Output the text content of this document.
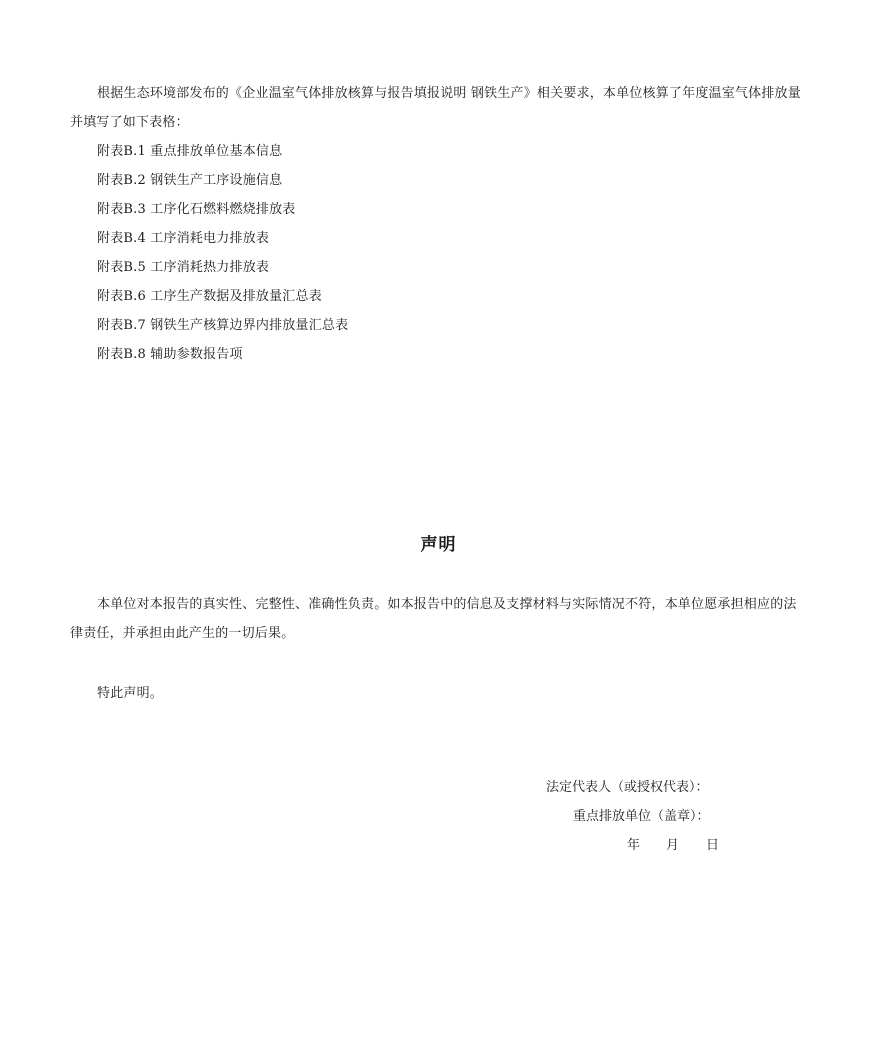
根据生态环境部发布的《企业温室气体排放核算与报告填报说明 钢铁生产》相关要求，本单位核算了年度温室气体排放量
并填写了如下表格：
附表B.1 重点排放单位基本信息
附表B.2 钢铁生产工序设施信息
附表B.3 工序化石燃料燃烧排放表
附表B.4 工序消耗电力排放表
附表B.5 工序消耗热力排放表
附表B.6 工序生产数据及排放量汇总表
附表B.7 钢铁生产核算边界内排放量汇总表
附表B.8 辅助参数报告项
声明
本单位对本报告的真实性、完整性、准确性负责。如本报告中的信息及支撑材料与实际情况不符，本单位愿承担相应的法
律责任，并承担由此产生的一切后果。
特此声明。
法定代表人（或授权代表）：
重点排放单位（盖章）：
年 月 日
